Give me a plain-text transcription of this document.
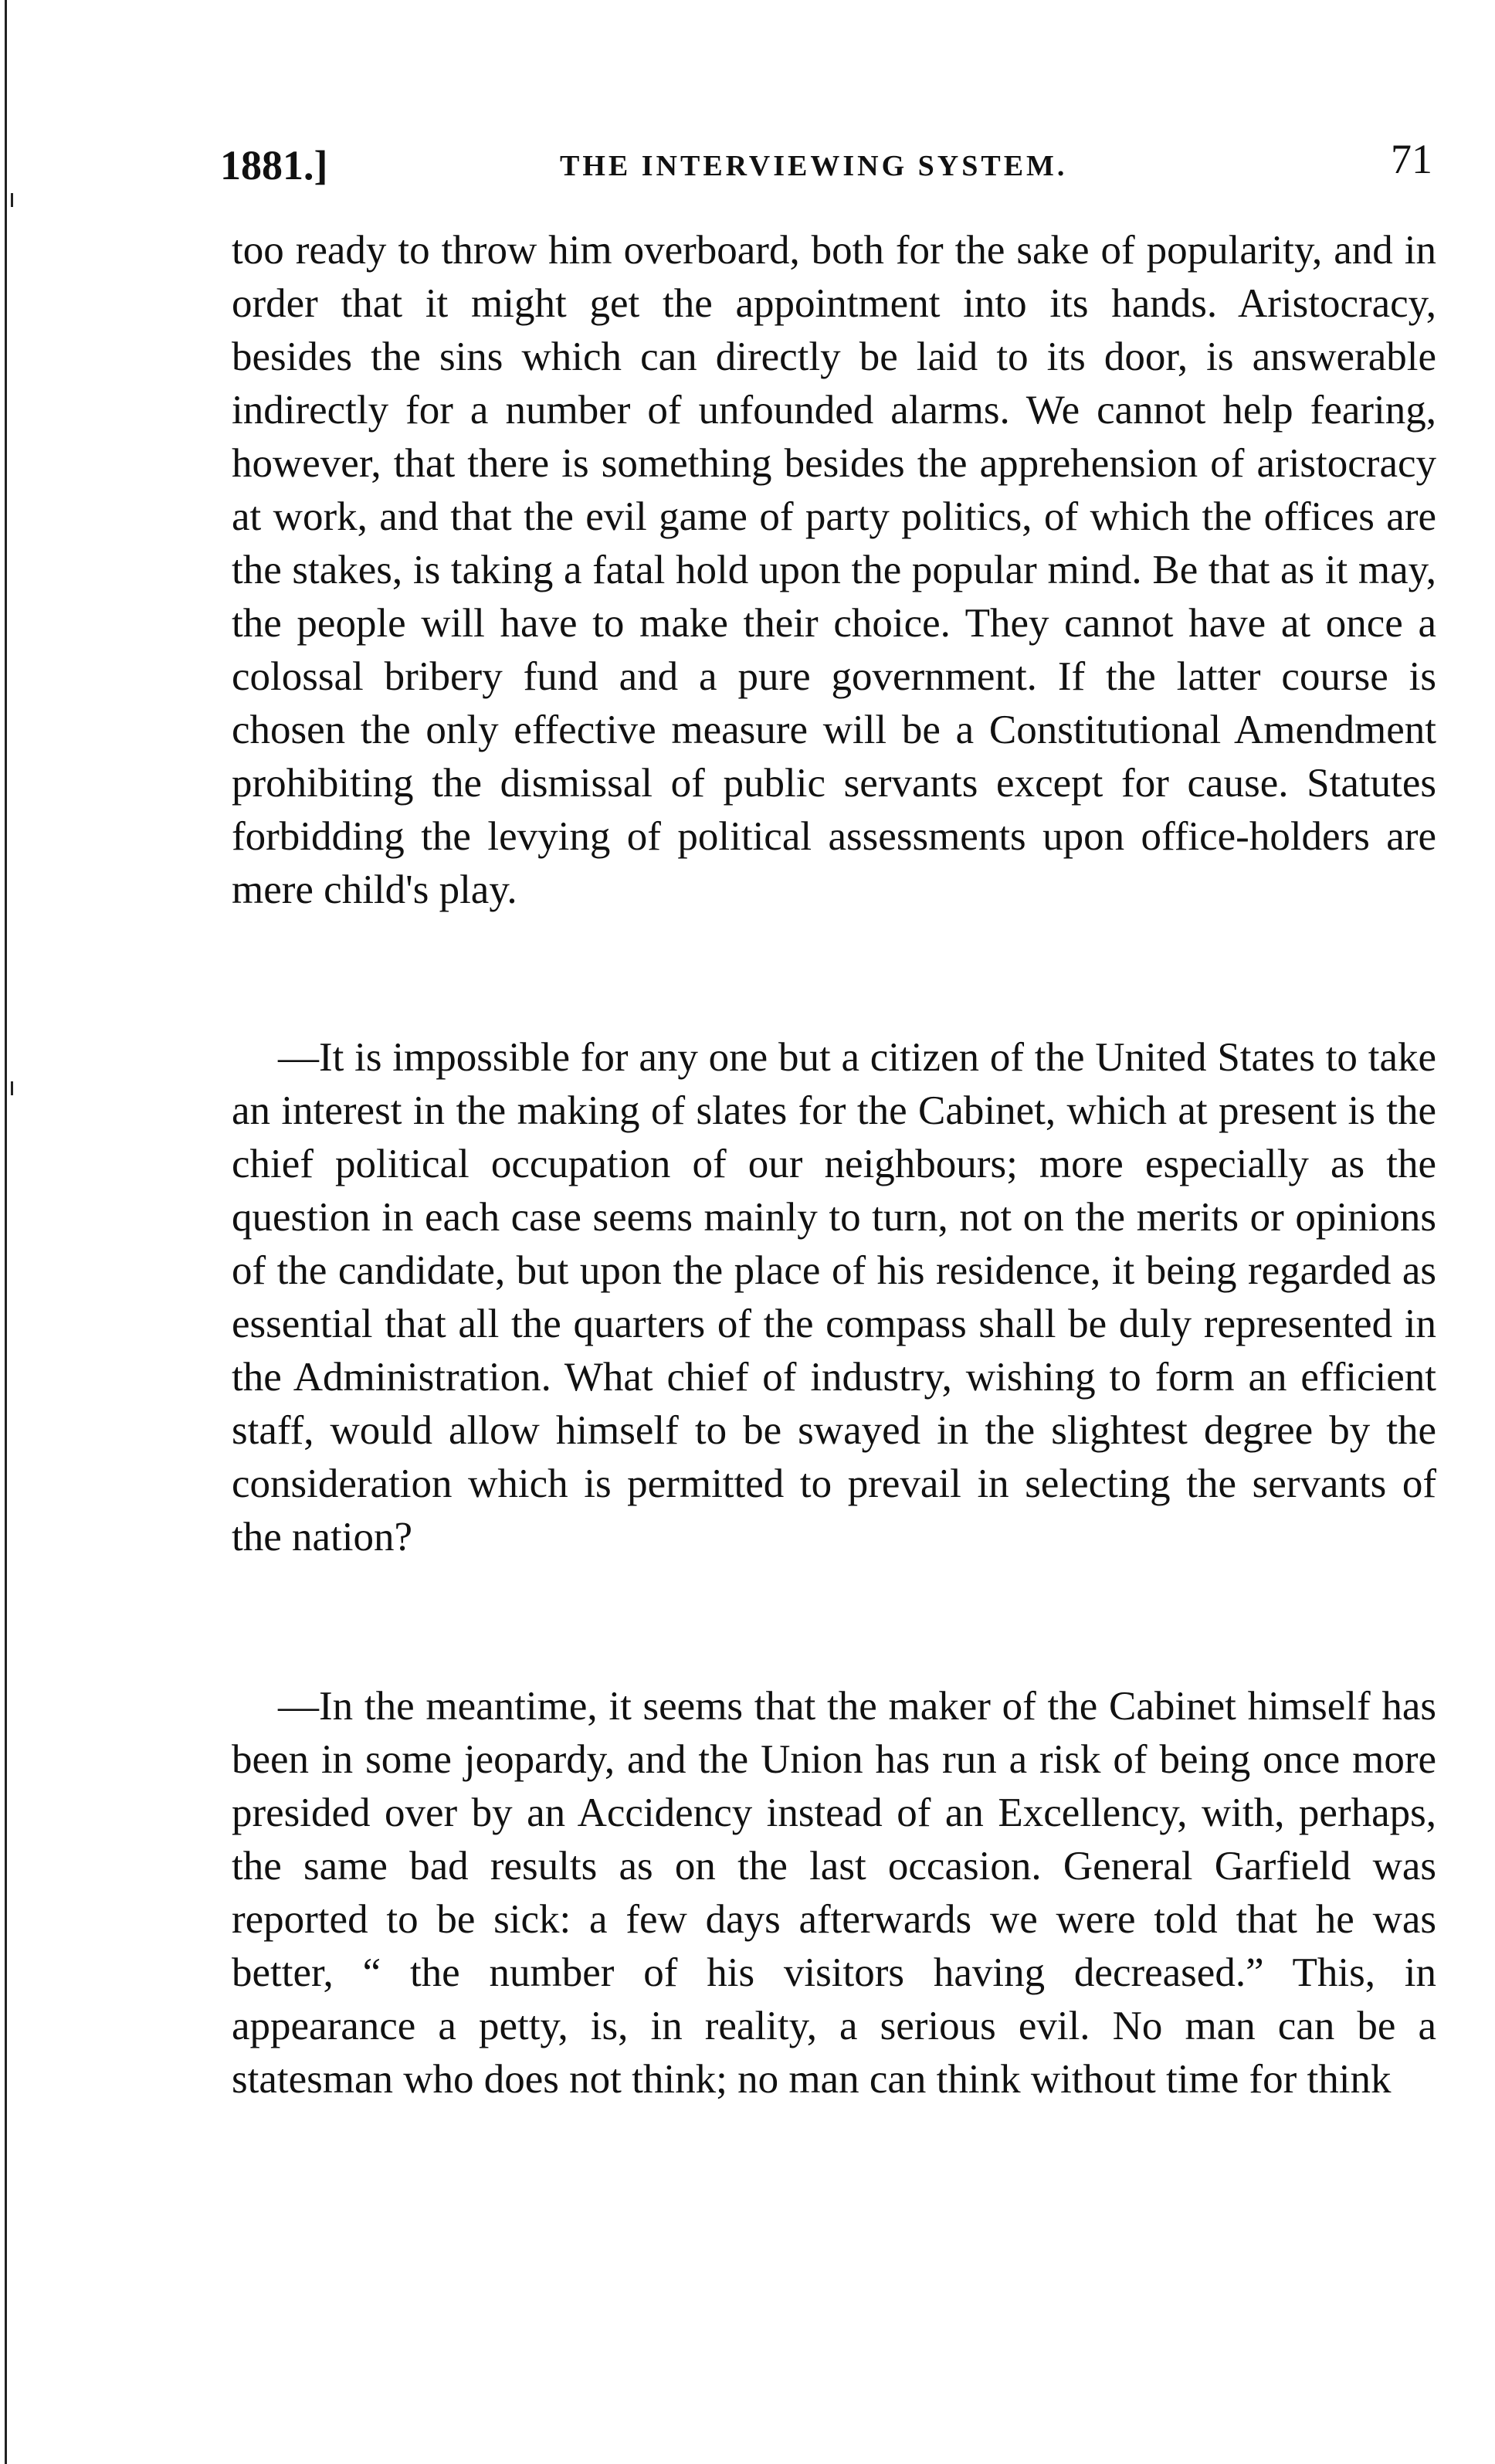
1881.]	THE INTERVIEWING SYSTEM.	71

too ready to throw him overboard, both for the sake of popularity, and in order that it might get the appointment into its hands. Aristocracy, besides the sins which can directly be laid to its door, is answerable indirectly for a number of unfounded alarms. We cannot help fearing, however, that there is something besides the apprehension of aristocracy at work, and that the evil game of party politics, of which the offices are the stakes, is taking a fatal hold upon the popular mind. Be that as it may, the people will have to make their choice. They cannot have at once a colossal bribery fund and a pure government. If the latter course is chosen the only effective measure will be a Constitutional Amendment prohibiting the dismissal of public servants except for cause. Statutes forbidding the levying of political assessments upon office-holders are mere child's play.

—It is impossible for any one but a citizen of the United States to take an interest in the making of slates for the Cabinet, which at present is the chief political occupation of our neighbours; more especially as the question in each case seems mainly to turn, not on the merits or opinions of the candidate, but upon the place of his residence, it being regarded as essential that all the quarters of the compass shall be duly represented in the Administration. What chief of industry, wishing to form an efficient staff, would allow himself to be swayed in the slightest degree by the consideration which is permitted to prevail in selecting the servants of the nation?

—In the meantime, it seems that the maker of the Cabinet himself has been in some jeopardy, and the Union has run a risk of being once more presided over by an Accidency instead of an Excellency, with, perhaps, the same bad results as on the last occasion. General Garfield was reported to be sick: a few days afterwards we were told that he was better, “ the number of his visitors having decreased.” This, in appearance a petty, is, in reality, a serious evil. No man can be a statesman who does not think; no man can think without time for think
